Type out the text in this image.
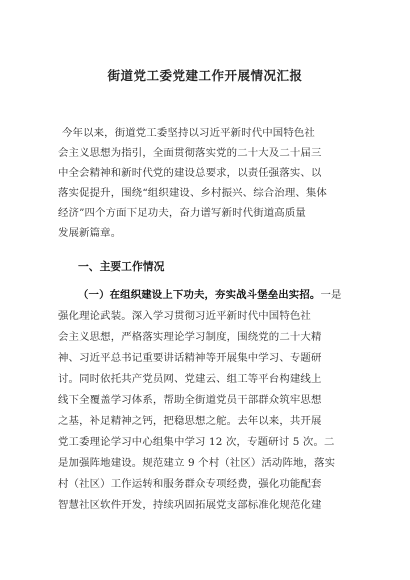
街道党工委党建工作开展情况汇报
今年以来，街道党工委坚持以习近平新时代中国特色社
会主义思想为指引，全面贯彻落实党的二十大及二十届三
中全会精神和新时代党的建设总要求，以责任强落实、以
落实促提升，围绕“组织建设、乡村振兴、综合治理、集体
经济”四个方面下足功夫，奋力谱写新时代街道高质量
发展新篇章。
一、主要工作情况
（一）在组织建设上下功夫，夯实战斗堡垒出实招。一是
强化理论武装。深入学习贯彻习近平新时代中国特色社
会主义思想，严格落实理论学习制度，围绕党的二十大精
神、习近平总书记重要讲话精神等开展集中学习、专题研
讨。同时依托共产党员网、党建云、组工等平台构建线上
线下全覆盖学习体系，帮助全街道党员干部群众筑牢思想
之基，补足精神之钙，把稳思想之舵。去年以来，共开展
党工委理论学习中心组集中学习 12 次，专题研讨 5 次。二
是加强阵地建设。规范建立 9 个村（社区）活动阵地，落实
村（社区）工作运转和服务群众专项经费，强化功能配套
智慧社区软件开发，持续巩固拓展党支部标准化规范化建
